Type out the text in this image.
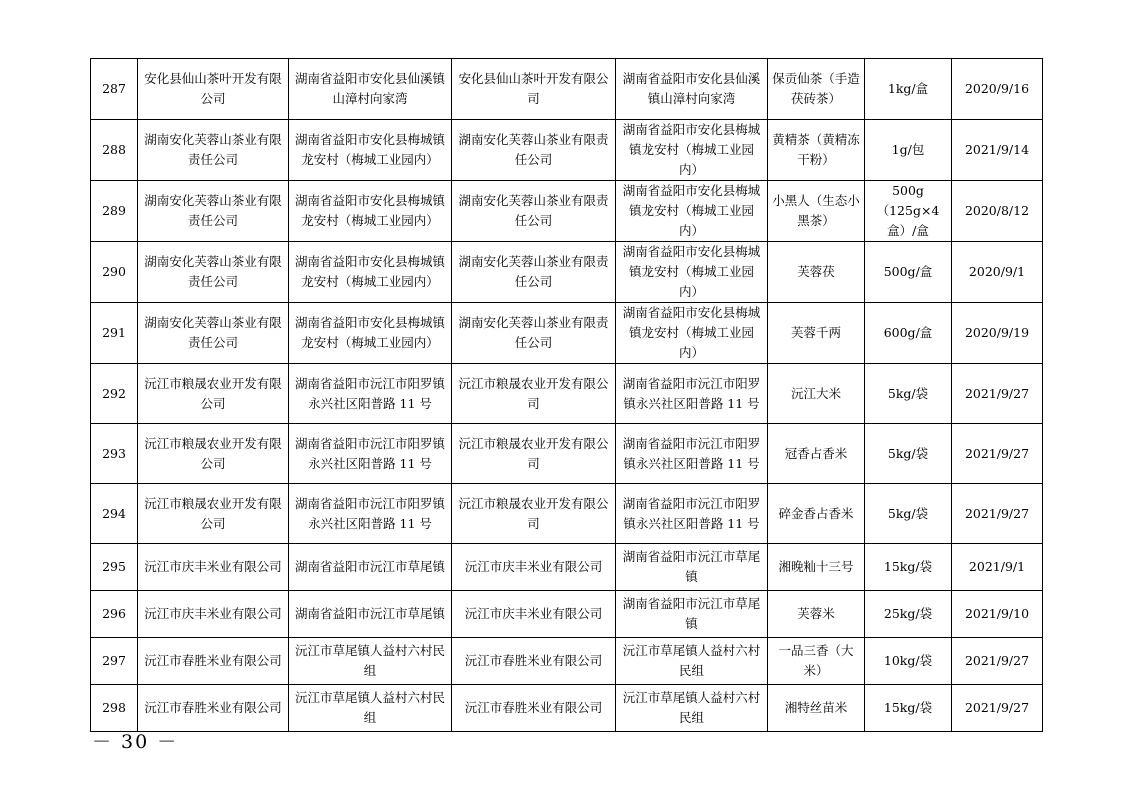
287	安化县仙山茶叶开发有限公司	湖南省益阳市安化县仙溪镇山漳村向家湾	安化县仙山茶叶开发有限公司	湖南省益阳市安化县仙溪镇山漳村向家湾	保贡仙茶（手造茯砖茶）	1kg/盒	2020/9/16
288	湖南安化芙蓉山茶业有限责任公司	湖南省益阳市安化县梅城镇龙安村（梅城工业园内）	湖南安化芙蓉山茶业有限责任公司	湖南省益阳市安化县梅城镇龙安村（梅城工业园内）	黄精茶（黄精冻干粉）	1g/包	2021/9/14
289	湖南安化芙蓉山茶业有限责任公司	湖南省益阳市安化县梅城镇龙安村（梅城工业园内）	湖南安化芙蓉山茶业有限责任公司	湖南省益阳市安化县梅城镇龙安村（梅城工业园内）	小黑人（生态小黑茶）	500g（125g×4 盒）/盒	2020/8/12
290	湖南安化芙蓉山茶业有限责任公司	湖南省益阳市安化县梅城镇龙安村（梅城工业园内）	湖南安化芙蓉山茶业有限责任公司	湖南省益阳市安化县梅城镇龙安村（梅城工业园内）	芙蓉茯	500g/盒	2020/9/1
291	湖南安化芙蓉山茶业有限责任公司	湖南省益阳市安化县梅城镇龙安村（梅城工业园内）	湖南安化芙蓉山茶业有限责任公司	湖南省益阳市安化县梅城镇龙安村（梅城工业园内）	芙蓉千两	600g/盒	2020/9/19
292	沅江市粮晟农业开发有限公司	湖南省益阳市沅江市阳罗镇永兴社区阳普路 11 号	沅江市粮晟农业开发有限公司	湖南省益阳市沅江市阳罗镇永兴社区阳普路 11 号	沅江大米	5kg/袋	2021/9/27
293	沅江市粮晟农业开发有限公司	湖南省益阳市沅江市阳罗镇永兴社区阳普路 11 号	沅江市粮晟农业开发有限公司	湖南省益阳市沅江市阳罗镇永兴社区阳普路 11 号	冠香占香米	5kg/袋	2021/9/27
294	沅江市粮晟农业开发有限公司	湖南省益阳市沅江市阳罗镇永兴社区阳普路 11 号	沅江市粮晟农业开发有限公司	湖南省益阳市沅江市阳罗镇永兴社区阳普路 11 号	碎金香占香米	5kg/袋	2021/9/27
295	沅江市庆丰米业有限公司	湖南省益阳市沅江市草尾镇	沅江市庆丰米业有限公司	湖南省益阳市沅江市草尾镇	湘晚籼十三号	15kg/袋	2021/9/1
296	沅江市庆丰米业有限公司	湖南省益阳市沅江市草尾镇	沅江市庆丰米业有限公司	湖南省益阳市沅江市草尾镇	芙蓉米	25kg/袋	2021/9/10
297	沅江市春胜米业有限公司	沅江市草尾镇人益村六村民组	沅江市春胜米业有限公司	沅江市草尾镇人益村六村民组	一品三香（大米）	10kg/袋	2021/9/27
298	沅江市春胜米业有限公司	沅江市草尾镇人益村六村民组	沅江市春胜米业有限公司	沅江市草尾镇人益村六村民组	湘特丝苗米	15kg/袋	2021/9/27
－ 30 －
